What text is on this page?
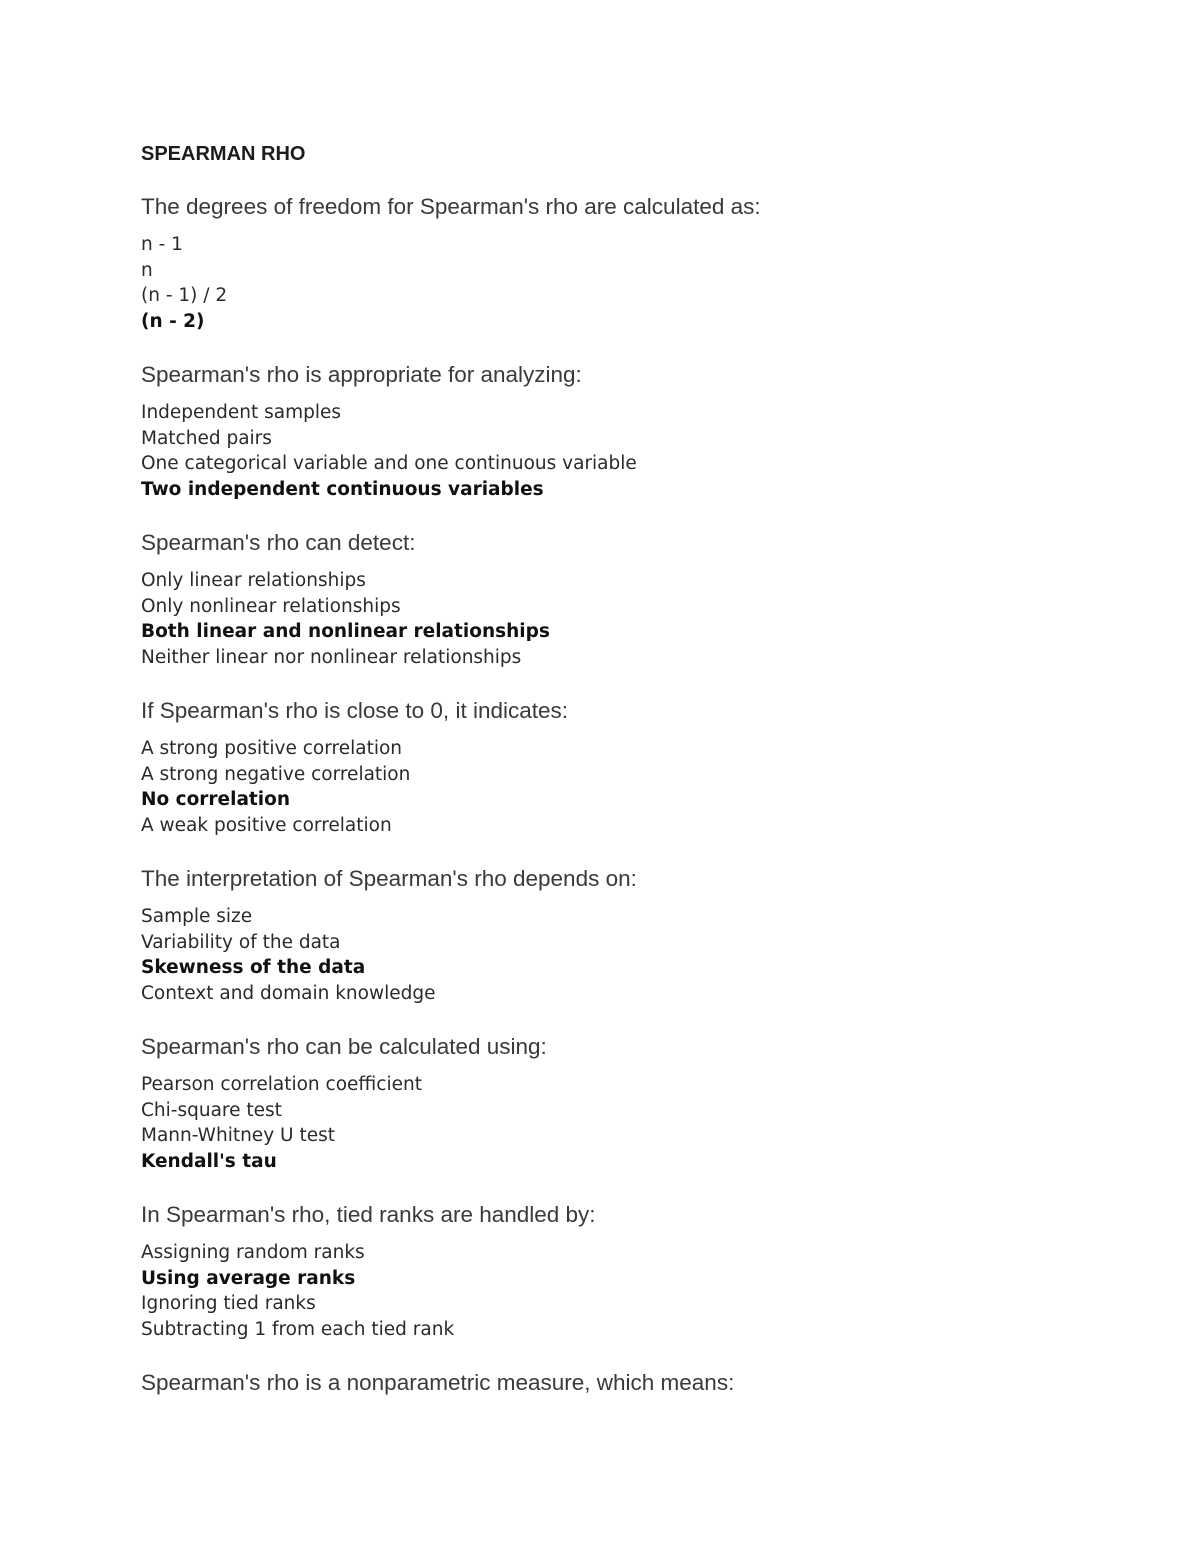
SPEARMAN RHO

The degrees of freedom for Spearman's rho are calculated as:

n - 1
n
(n - 1) / 2
(n - 2)

Spearman's rho is appropriate for analyzing:

Independent samples
Matched pairs
One categorical variable and one continuous variable
Two independent continuous variables

Spearman's rho can detect:

Only linear relationships
Only nonlinear relationships
Both linear and nonlinear relationships
Neither linear nor nonlinear relationships

If Spearman's rho is close to 0, it indicates:

A strong positive correlation
A strong negative correlation
No correlation
A weak positive correlation

The interpretation of Spearman's rho depends on:

Sample size
Variability of the data
Skewness of the data
Context and domain knowledge

Spearman's rho can be calculated using:

Pearson correlation coefficient
Chi-square test
Mann-Whitney U test
Kendall's tau

In Spearman's rho, tied ranks are handled by:

Assigning random ranks
Using average ranks
Ignoring tied ranks
Subtracting 1 from each tied rank

Spearman's rho is a nonparametric measure, which means:
